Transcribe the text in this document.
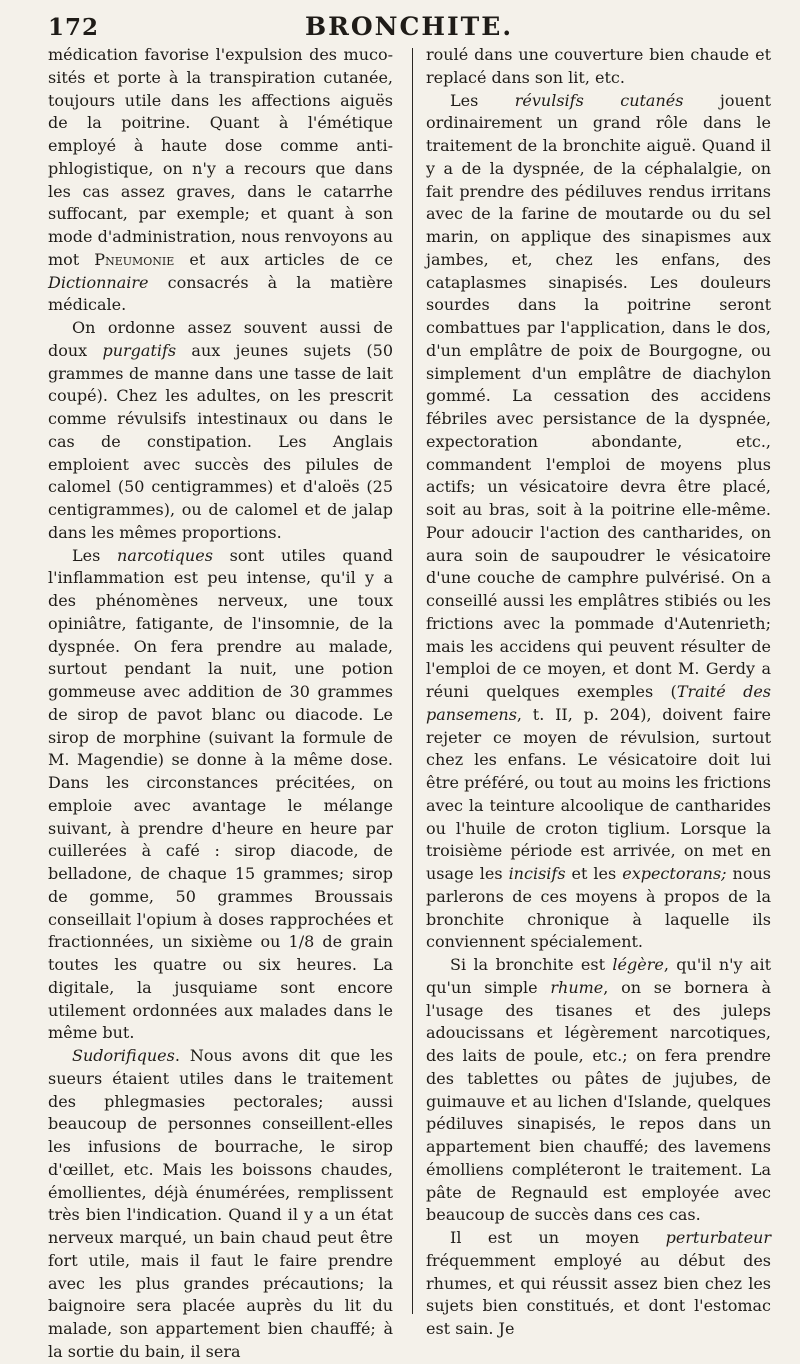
172	BRONCHITE.

médication favorise l'expulsion des muco-sités et porte à la transpiration cutanée, toujours utile dans les affections aiguës de la poitrine. Quant à l'émétique employé à haute dose comme anti-phlogistique, on n'y a recours que dans les cas assez graves, dans le catarrhe suffocant, par exemple; et quant à son mode d'administration, nous renvoyons au mot Pneumonie et aux articles de ce Dictionnaire consacrés à la matière médicale.

On ordonne assez souvent aussi de doux purgatifs aux jeunes sujets (50 grammes de manne dans une tasse de lait coupé). Chez les adultes, on les prescrit comme révulsifs intestinaux ou dans le cas de constipation. Les Anglais emploient avec succès des pilules de calomel (50 centigrammes) et d'aloës (25 centigrammes), ou de calomel et de jalap dans les mêmes proportions.

Les narcotiques sont utiles quand l'inflammation est peu intense, qu'il y a des phénomènes nerveux, une toux opiniâtre, fatigante, de l'insomnie, de la dyspnée. On fera prendre au malade, surtout pendant la nuit, une potion gommeuse avec addition de 30 grammes de sirop de pavot blanc ou diacode. Le sirop de morphine (suivant la formule de M. Magendie) se donne à la même dose. Dans les circonstances précitées, on emploie avec avantage le mélange suivant, à prendre d'heure en heure par cuillerées à café : sirop diacode, de belladone, de chaque 15 grammes; sirop de gomme, 50 grammes Broussais conseillait l'opium à doses rapprochées et fractionnées, un sixième ou 1/8 de grain toutes les quatre ou six heures. La digitale, la jusquiame sont encore utilement ordonnées aux malades dans le même but.

Sudorifiques. Nous avons dit que les sueurs étaient utiles dans le traitement des phlegmasies pectorales; aussi beaucoup de personnes conseillent-elles les infusions de bourrache, le sirop d'œillet, etc. Mais les boissons chaudes, émollientes, déjà énumérées, remplissent très bien l'indication. Quand il y a un état nerveux marqué, un bain chaud peut être fort utile, mais il faut le faire prendre avec les plus grandes précautions; la baignoire sera placée auprès du lit du malade, son appartement bien chauffé; à la sortie du bain, il sera

roulé dans une couverture bien chaude et replacé dans son lit, etc.

Les révulsifs cutanés jouent ordinairement un grand rôle dans le traitement de la bronchite aiguë. Quand il y a de la dyspnée, de la céphalalgie, on fait prendre des pédiluves rendus irritans avec de la farine de moutarde ou du sel marin, on applique des sinapismes aux jambes, et, chez les enfans, des cataplasmes sinapisés. Les douleurs sourdes dans la poitrine seront combattues par l'application, dans le dos, d'un emplâtre de poix de Bourgogne, ou simplement d'un emplâtre de diachylon gommé. La cessation des accidens fébriles avec persistance de la dyspnée, expectoration abondante, etc., commandent l'emploi de moyens plus actifs; un vésicatoire devra être placé, soit au bras, soit à la poitrine elle-même. Pour adoucir l'action des cantharides, on aura soin de saupoudrer le vésicatoire d'une couche de camphre pulvérisé. On a conseillé aussi les emplâtres stibiés ou les frictions avec la pommade d'Autenrieth; mais les accidens qui peuvent résulter de l'emploi de ce moyen, et dont M. Gerdy a réuni quelques exemples (Traité des pansemens, t. II, p. 204), doivent faire rejeter ce moyen de révulsion, surtout chez les enfans. Le vésicatoire doit lui être préféré, ou tout au moins les frictions avec la teinture alcoolique de cantharides ou l'huile de croton tiglium. Lorsque la troisième période est arrivée, on met en usage les incisifs et les expectorans; nous parlerons de ces moyens à propos de la bronchite chronique à laquelle ils conviennent spécialement.

Si la bronchite est légère, qu'il n'y ait qu'un simple rhume, on se bornera à l'usage des tisanes et des juleps adoucissans et légèrement narcotiques, des laits de poule, etc.; on fera prendre des tablettes ou pâtes de jujubes, de guimauve et au lichen d'Islande, quelques pédiluves sinapisés, le repos dans un appartement bien chauffé; des lavemens émolliens compléteront le traitement. La pâte de Regnauld est employée avec beaucoup de succès dans ces cas.

Il est un moyen perturbateur fréquemment employé au début des rhumes, et qui réussit assez bien chez les sujets bien constitués, et dont l'estomac est sain. Je
